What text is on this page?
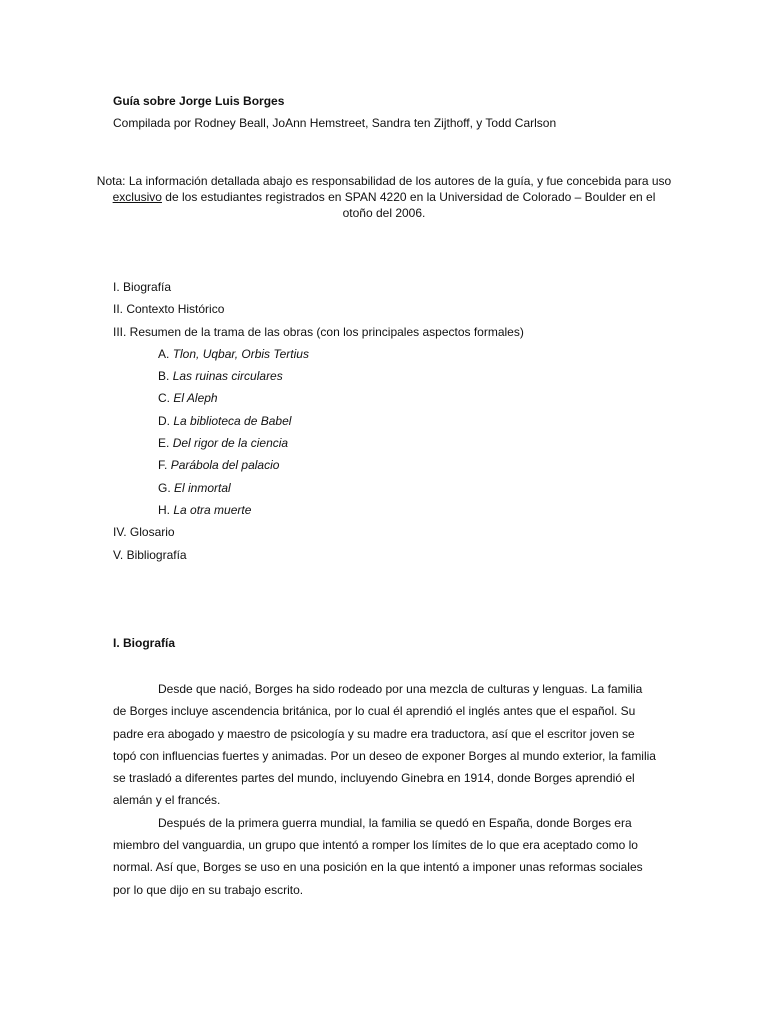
Guía sobre Jorge Luis Borges
Compilada por Rodney Beall, JoAnn Hemstreet, Sandra ten Zijthoff, y Todd Carlson
Nota: La información detallada abajo es responsabilidad de los autores de la guía, y fue concebida para uso exclusivo de los estudiantes registrados en SPAN 4220 en la Universidad de Colorado – Boulder en el otoño del 2006.
I. Biografía
II. Contexto Histórico
III. Resumen de la trama de las obras (con los principales aspectos formales)
A. Tlon, Uqbar, Orbis Tertius
B. Las ruinas circulares
C. El Aleph
D. La biblioteca de Babel
E. Del rigor de la ciencia
F. Parábola del palacio
G. El inmortal
H. La otra muerte
IV. Glosario
V. Bibliografía
I. Biografía

Desde que nació, Borges ha sido rodeado por una mezcla de culturas y lenguas. La familia de Borges incluye ascendencia británica, por lo cual él aprendió el inglés antes que el español. Su padre era abogado y maestro de psicología y su madre era traductora, así que el escritor joven se topó con influencias fuertes y animadas. Por un deseo de exponer Borges al mundo exterior, la familia se trasladó a diferentes partes del mundo, incluyendo Ginebra en 1914, donde Borges aprendió el alemán y el francés.

Después de la primera guerra mundial, la familia se quedó en España, donde Borges era miembro del vanguardia, un grupo que intentó a romper los límites de lo que era aceptado como lo normal. Así que, Borges se uso en una posición en la que intentó a imponer unas reformas sociales por lo que dijo en su trabajo escrito.
